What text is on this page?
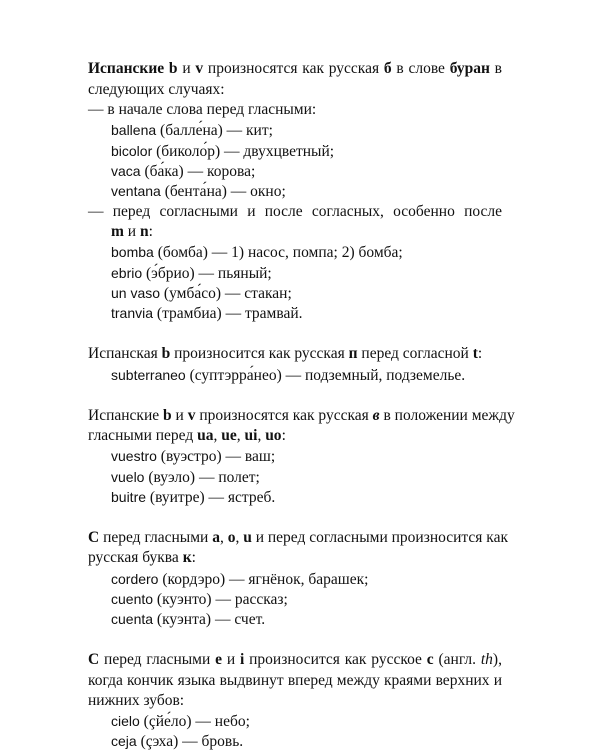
Испанские b и v произносятся как русская б в слове буран в
следующих случаях:
— в начале слова перед гласными:
ballena (балле́на) — кит;
bicolor (биколо́р) — двухцветный;
vaca (ба́ка) — корова;
ventana (бента́на) — окно;
— перед согласными и после согласных, особенно после
m и n:
bomba (бомба) — 1) насос, помпа; 2) бомба;
ebrio (э́брио) — пьяный;
un vaso (умба́со) — стакан;
tranvia (трамбиа) — трамвай.
Испанская b произносится как русская п перед согласной t:
subterraneo (суптэрра́нео) — подземный, подземелье.
Испанские b и v произносятся как русская в в положении между
гласными перед ua, ue, ui, uo:
vuestro (вуэстро) — ваш;
vuelo (вуэло) — полет;
buitre (вуитре) — ястреб.
С перед гласными a, o, u и перед согласными произносится как
русская буква к:
cordero (кордэро) — ягнёнок, барашек;
cuento (куэнто) — рассказ;
cuenta (куэнта) — счет.
С перед гласными e и i произносится как русское с (англ. th),
когда кончик языка выдвинут вперед между краями верхних и
нижних зубов:
cielo (çйе́ло) — небо;
ceja (çэха) — бровь.
